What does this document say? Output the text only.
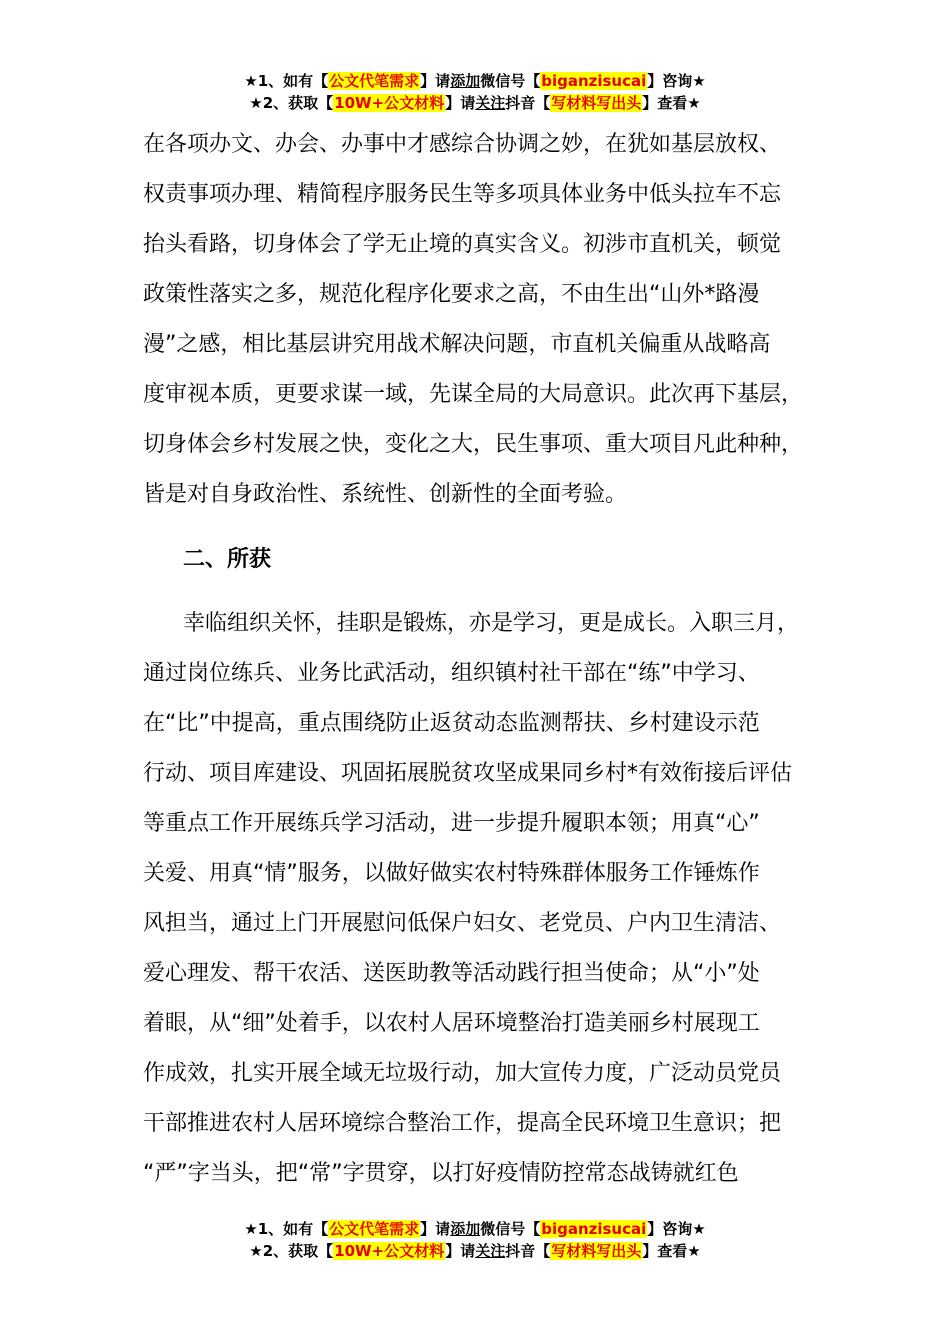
★1、如有【公文代笔需求】请添加微信号【biganzisucai】咨询★
★2、获取【10W+公文材料】请关注抖音【写材料写出头】查看★
在各项办文、办会、办事中才感综合协调之妙，在犹如基层放权、
权责事项办理、精简程序服务民生等多项具体业务中低头拉车不忘
抬头看路，切身体会了学无止境的真实含义。初涉市直机关，顿觉
政策性落实之多，规范化程序化要求之高，不由生出“山外*路漫
漫”之感，相比基层讲究用战术解决问题，市直机关偏重从战略高
度审视本质，更要求谋一域，先谋全局的大局意识。此次再下基层，
切身体会乡村发展之快，变化之大，民生事项、重大项目凡此种种，
皆是对自身政治性、系统性、创新性的全面考验。
二、所获
幸临组织关怀，挂职是锻炼，亦是学习，更是成长。入职三月，
通过岗位练兵、业务比武活动，组织镇村社干部在“练”中学习、
在“比”中提高，重点围绕防止返贫动态监测帮扶、乡村建设示范
行动、项目库建设、巩固拓展脱贫攻坚成果同乡村*有效衔接后评估
等重点工作开展练兵学习活动，进一步提升履职本领；用真“心”
关爱、用真“情”服务，以做好做实农村特殊群体服务工作锤炼作
风担当，通过上门开展慰问低保户妇女、老党员、户内卫生清洁、
爱心理发、帮干农活、送医助教等活动践行担当使命；从“小”处
着眼，从“细”处着手，以农村人居环境整治打造美丽乡村展现工
作成效，扎实开展全域无垃圾行动，加大宣传力度，广泛动员党员
干部推进农村人居环境综合整治工作，提高全民环境卫生意识；把
“严”字当头，把“常”字贯穿，以打好疫情防控常态战铸就红色
★1、如有【公文代笔需求】请添加微信号【biganzisucai】咨询★
★2、获取【10W+公文材料】请关注抖音【写材料写出头】查看★
